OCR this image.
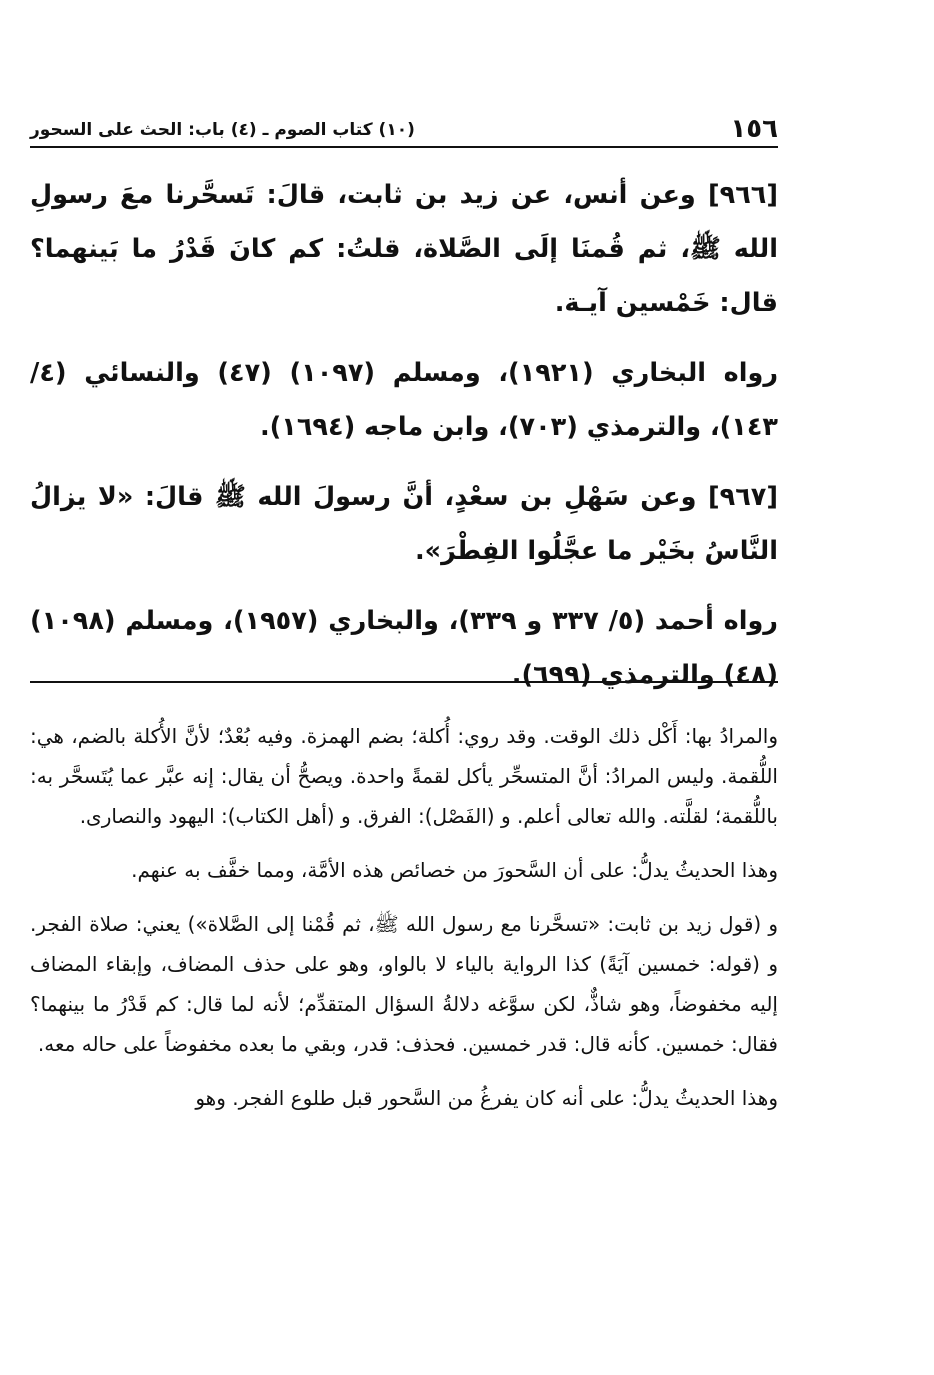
١٥٦
(١٠) كتاب الصوم ـ (٤) باب: الحث على السحور

[٩٦٦] وعن أنس، عن زيد بن ثابت، قالَ: تَسحَّرنا معَ رسولِ الله ﷺ، ثم قُمنَا إلَى الصَّلاة، قلتُ: كم كانَ قَدْرُ ما بَينهما؟ قال: خَمْسين آيـة.

رواه البخاري (١٩٢١)، ومسلم (١٠٩٧) (٤٧) والنسائي (٤/ ١٤٣)، والترمذي (٧٠٣)، وابن ماجه (١٦٩٤).

[٩٦٧] وعن سَهْلِ بن سعْدٍ، أنَّ رسولَ الله ﷺ قالَ: «لا يزالُ النَّاسُ بخَيْر ما عجَّلُوا الفِطْرَ».

رواه أحمد (٥/ ٣٣٧ و ٣٣٩)، والبخاري (١٩٥٧)، ومسلم (١٠٩٨) (٤٨) والترمذي (٦٩٩).

والمرادُ بها: أَكْل ذلك الوقت. وقد روي: أُكلة؛ بضم الهمزة. وفيه بُعْدٌ؛ لأنَّ الأُكلة بالضم، هي: اللُّقمة. وليس المرادُ: أنَّ المتسحِّر يأكل لقمةً واحدة. ويصحُّ أن يقال: إنه عبَّر عما يُتَسحَّر به: باللُّقمة؛ لقلَّته. والله تعالى أعلم. و (الفَصْل): الفرق. و (أهل الكتاب): اليهود والنصارى.

وهذا الحديثُ يدلُّ: على أن السَّحورَ من خصائص هذه الأمَّة، ومما خفَّف به عنهم.

و (قول زيد بن ثابت: «تسحَّرنا مع رسول الله ﷺ، ثم قُمْنا إلى الصَّلاة») يعني: صلاة الفجر. و (قوله: خمسين آيَةً) كذا الرواية بالياء لا بالواو، وهو على حذف المضاف، وإبقاء المضاف إليه مخفوضاً، وهو شاذٌّ، لكن سوَّغه دلالةُ السؤال المتقدِّم؛ لأنه لما قال: كم قَدْرُ ما بينهما؟ فقال: خمسين. كأنه قال: قدر خمسين. فحذف: قدر، وبقي ما بعده مخفوضاً على حاله معه.

وهذا الحديثُ يدلُّ: على أنه كان يفرغُ من السَّحور قبل طلوع الفجر. وهو
